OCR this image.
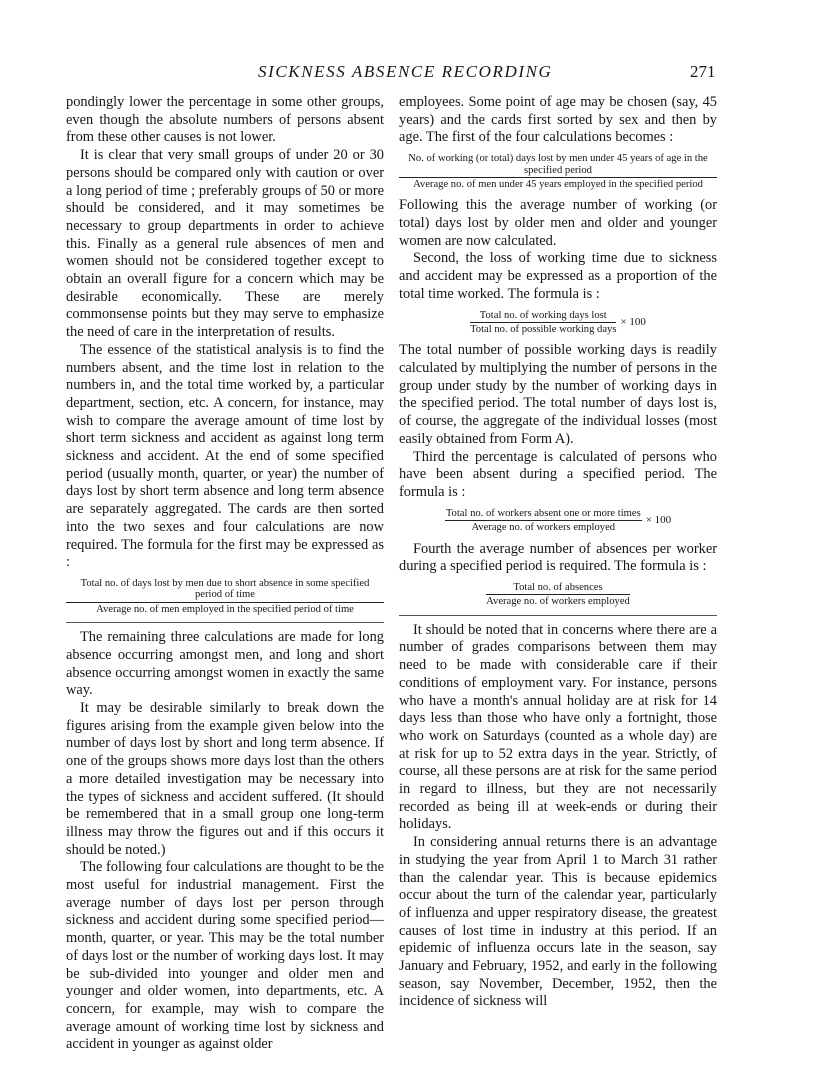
SICKNESS ABSENCE RECORDING	271

pondingly lower the percentage in some other groups, even though the absolute numbers of persons absent from these other causes is not lower.

It is clear that very small groups of under 20 or 30 persons should be compared only with caution or over a long period of time ; preferably groups of 50 or more should be considered, and it may sometimes be necessary to group departments in order to achieve this. Finally as a general rule absences of men and women should not be considered together except to obtain an overall figure for a concern which may be desirable economically. These are merely commonsense points but they may serve to emphasize the need of care in the interpretation of results.

The essence of the statistical analysis is to find the numbers absent, and the time lost in relation to the numbers in, and the total time worked by, a particular department, section, etc. A concern, for instance, may wish to compare the average amount of time lost by short term sickness and accident as against long term sickness and accident. At the end of some specified period (usually month, quarter, or year) the number of days lost by short term absence and long term absence are separately aggregated. The cards are then sorted into the two sexes and four calculations are now required. The formula for the first may be expressed as :

Total no. of days lost by men due to short absence in some specified period of time
Average no. of men employed in the specified period of time

The remaining three calculations are made for long absence occurring amongst men, and long and short absence occurring amongst women in exactly the same way.

It may be desirable similarly to break down the figures arising from the example given below into the number of days lost by short and long term absence. If one of the groups shows more days lost than the others a more detailed investigation may be necessary into the types of sickness and accident suffered. (It should be remembered that in a small group one long-term illness may throw the figures out and if this occurs it should be noted.)

The following four calculations are thought to be the most useful for industrial management. First the average number of days lost per person through sickness and accident during some specified period—month, quarter, or year. This may be the total number of days lost or the number of working days lost. It may be sub-divided into younger and older men and younger and older women, into departments, etc. A concern, for example, may wish to compare the average amount of working time lost by sickness and accident in younger as against older

employees. Some point of age may be chosen (say, 45 years) and the cards first sorted by sex and then by age. The first of the four calculations becomes :

No. of working (or total) days lost by men under 45 years of age in the specified period
Average no. of men under 45 years employed in the specified period

Following this the average number of working (or total) days lost by older men and older and younger women are now calculated.

Second, the loss of working time due to sickness and accident may be expressed as a proportion of the total time worked. The formula is :

$\frac{\text{Total no. of working days lost}}{\text{Total no. of possible working days}} \times 100$

The total number of possible working days is readily calculated by multiplying the number of persons in the group under study by the number of working days in the specified period. The total number of days lost is, of course, the aggregate of the individual losses (most easily obtained from Form A).

Third the percentage is calculated of persons who have been absent during a specified period. The formula is :

$\frac{\text{Total no. of workers absent one or more times}}{\text{Average no. of workers employed}} \times 100$

Fourth the average number of absences per worker during a specified period is required. The formula is :

$\frac{\text{Total no. of absences}}{\text{Average no. of workers employed}}$

It should be noted that in concerns where there are a number of grades comparisons between them may need to be made with considerable care if their conditions of employment vary. For instance, persons who have a month's annual holiday are at risk for 14 days less than those who have only a fortnight, those who work on Saturdays (counted as a whole day) are at risk for up to 52 extra days in the year. Strictly, of course, all these persons are at risk for the same period in regard to illness, but they are not necessarily recorded as being ill at week-ends or during their holidays.

In considering annual returns there is an advantage in studying the year from April 1 to March 31 rather than the calendar year. This is because epidemics occur about the turn of the calendar year, particularly of influenza and upper respiratory disease, the greatest causes of lost time in industry at this period. If an epidemic of influenza occurs late in the season, say January and February, 1952, and early in the following season, say November, December, 1952, then the incidence of sickness will
